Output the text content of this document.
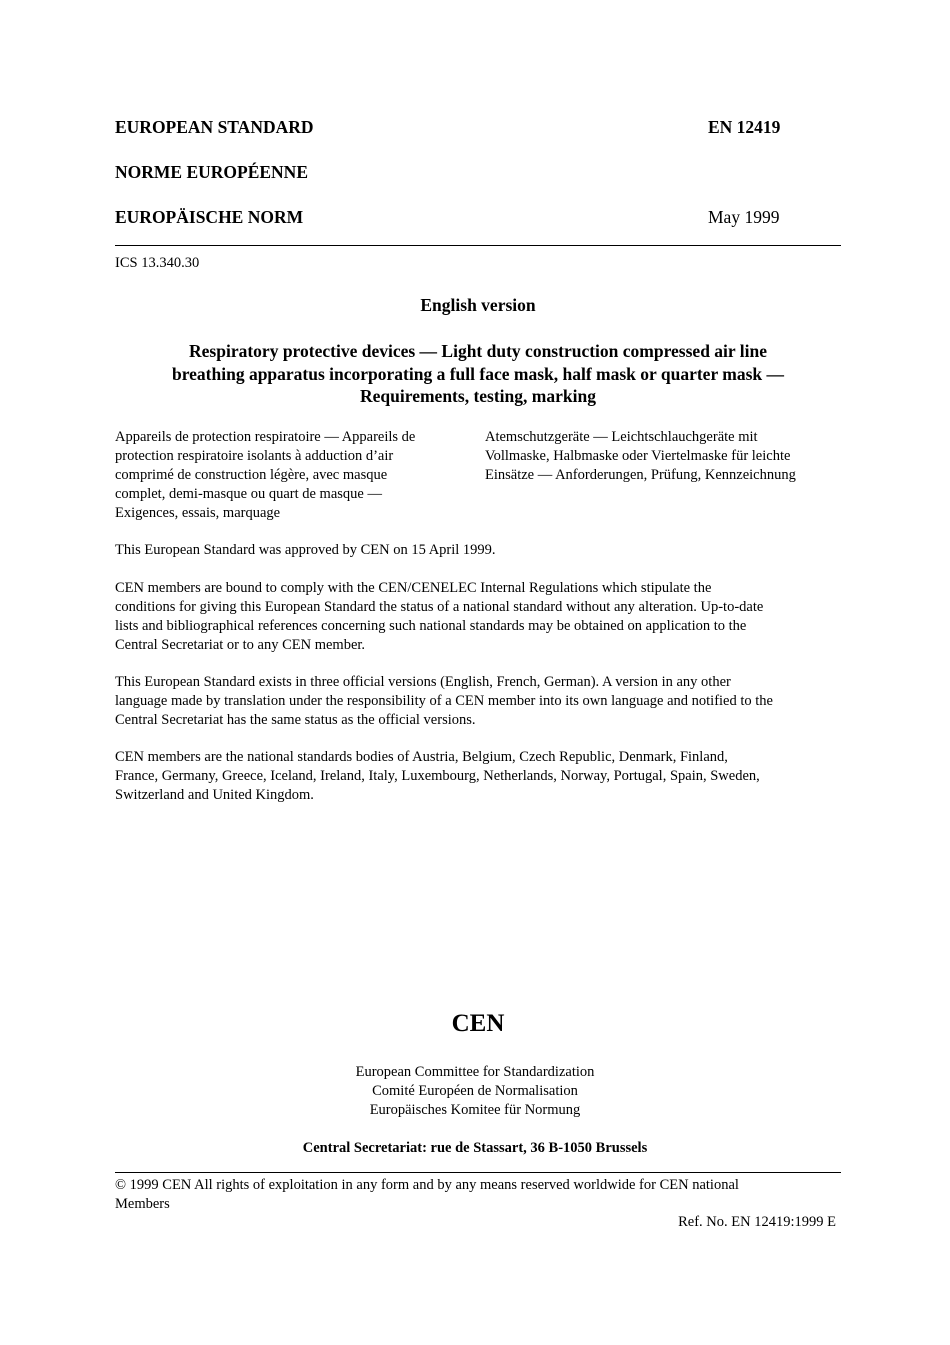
EUROPEAN STANDARD	EN 12419
NORME EUROPÉENNE
EUROPÄISCHE NORM	May 1999
ICS 13.340.30
English version
Respiratory protective devices — Light duty construction compressed air line
breathing apparatus incorporating a full face mask, half mask or quarter mask —
Requirements, testing, marking
Appareils de protection respiratoire — Appareils de
protection respiratoire isolants à adduction d’air
comprimé de construction légère, avec masque
complet, demi-masque ou quart de masque —
Exigences, essais, marquage
Atemschutzgeräte — Leichtschlauchgeräte mit
Vollmaske, Halbmaske oder Viertelmaske für leichte
Einsätze — Anforderungen, Prüfung, Kennzeichnung
This European Standard was approved by CEN on 15 April 1999.
CEN members are bound to comply with the CEN/CENELEC Internal Regulations which stipulate the
conditions for giving this European Standard the status of a national standard without any alteration. Up-to-date
lists and bibliographical references concerning such national standards may be obtained on application to the
Central Secretariat or to any CEN member.
This European Standard exists in three official versions (English, French, German). A version in any other
language made by translation under the responsibility of a CEN member into its own language and notified to the
Central Secretariat has the same status as the official versions.
CEN members are the national standards bodies of Austria, Belgium, Czech Republic, Denmark, Finland,
France, Germany, Greece, Iceland, Ireland, Italy, Luxembourg, Netherlands, Norway, Portugal, Spain, Sweden,
Switzerland and United Kingdom.
CEN
European Committee for Standardization
Comité Européen de Normalisation
Europäisches Komitee für Normung
Central Secretariat: rue de Stassart, 36 B-1050 Brussels
© 1999 CEN All rights of exploitation in any form and by any means reserved worldwide for CEN national
Members
Ref. No. EN 12419:1999 E
